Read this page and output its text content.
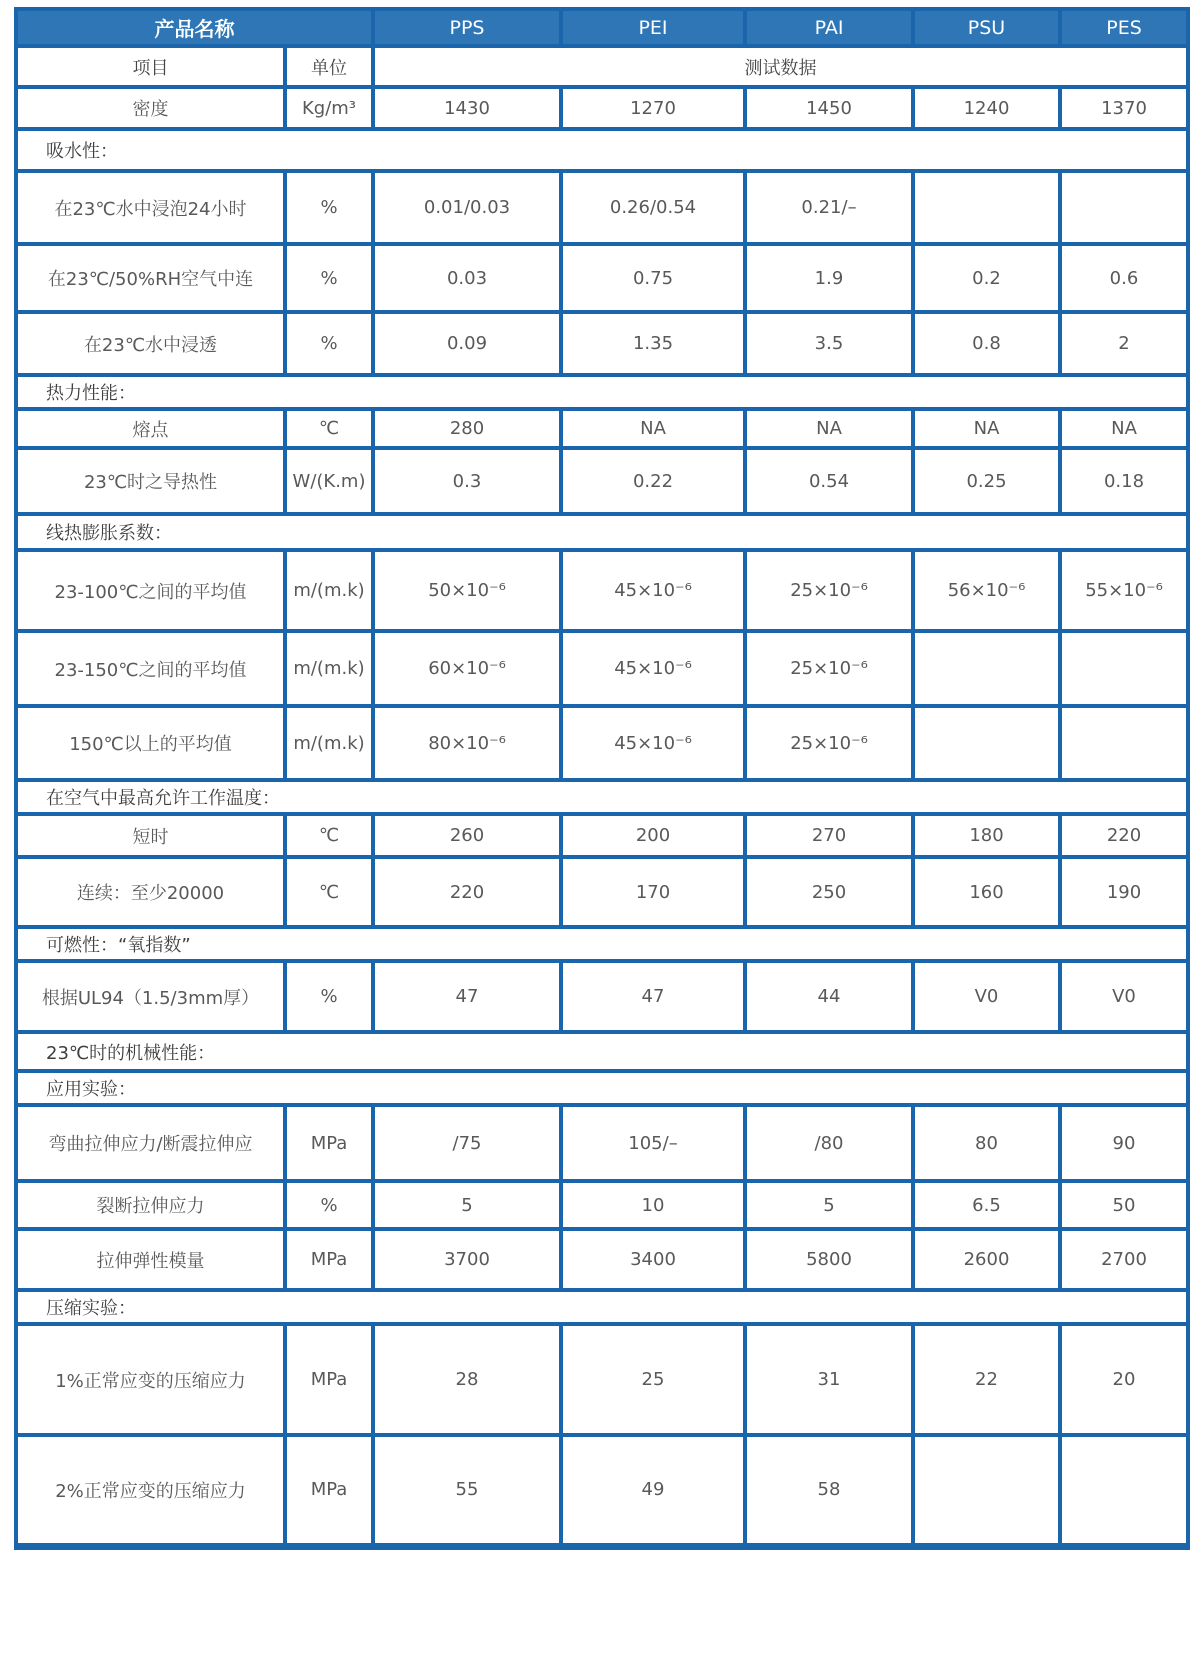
产品名称		PPS	PEI	PAI	PSU	PES
项目	单位	测试数据				
密度	Kg/m³	1430	1270	1450	1240	1370
吸水性：						
在23℃水中浸泡24小时	%	0.01/0.03	0.26/0.54	0.21/–		
在23℃/50%RH空气中连	%	0.03	0.75	1.9	0.2	0.6
在23℃水中浸透	%	0.09	1.35	3.5	0.8	2
热力性能：						
熔点	℃	280	NA	NA	NA	NA
23℃时之导热性	W/(K.m)	0.3	0.22	0.54	0.25	0.18
线热膨胀系数：						
23-100℃之间的平均值	m/(m.k)	50×10⁻⁶	45×10⁻⁶	25×10⁻⁶	56×10⁻⁶	55×10⁻⁶
23-150℃之间的平均值	m/(m.k)	60×10⁻⁶	45×10⁻⁶	25×10⁻⁶		
150℃以上的平均值	m/(m.k)	80×10⁻⁶	45×10⁻⁶	25×10⁻⁶		
在空气中最高允许工作温度：						
短时	℃	260	200	270	180	220
连续：至少20000	℃	220	170	250	160	190
可燃性：“氧指数”						
根据UL94（1.5/3mm厚）	%	47	47	44	V0	V0
23℃时的机械性能：						
应用实验：						
弯曲拉伸应力/断震拉伸应	MPa	/75	105/–	/80	80	90
裂断拉伸应力	%	5	10	5	6.5	50
拉伸弹性模量	MPa	3700	3400	5800	2600	2700
压缩实验：						
1%正常应变的压缩应力	MPa	28	25	31	22	20
2%正常应变的压缩应力	MPa	55	49	58		
